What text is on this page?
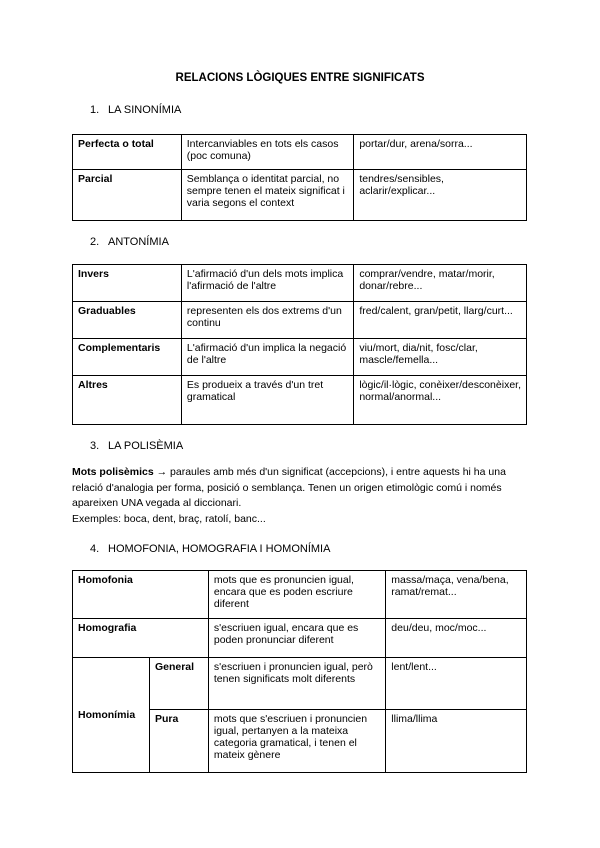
RELACIONS LÒGIQUES ENTRE SIGNIFICATS
1. LA SINONÍMIA
Perfecta o total	Intercanviables en tots els casos (poc comuna)	portar/dur, arena/sorra...
Parcial	Semblança o identitat parcial, no sempre tenen el mateix significat i varia segons el context	tendres/sensibles, aclarir/explicar...
2. ANTONÍMIA
Invers	L'afirmació d'un dels mots implica l'afirmació de l'altre	comprar/vendre, matar/morir, donar/rebre...
Graduables	representen els dos extrems d'un continu	fred/calent, gran/petit, llarg/curt...
Complementaris	L'afirmació d'un implica la negació de l'altre	viu/mort, dia/nit, fosc/clar, mascle/femella...
Altres	Es produeix a través d'un tret gramatical	lògic/il·lògic, conèixer/desconèixer, normal/anormal...
3. LA POLISÈMIA
Mots polisèmics → paraules amb més d'un significat (accepcions), i entre aquests hi ha una relació d'analogia per forma, posició o semblança. Tenen un origen etimològic comú i només apareixen UNA vegada al diccionari.
Exemples: boca, dent, braç, ratolí, banc...
4. HOMOFONIA, HOMOGRAFIA I HOMONÍMIA
Homofonia		mots que es pronuncien igual, encara que es poden escriure diferent	massa/maça, vena/bena, ramat/remat...
Homografia		s'escriuen igual, encara que es poden pronunciar diferent	deu/deu, moc/moc...
Homonímia	General	s'escriuen i pronuncien igual, però tenen significats molt diferents	lent/lent...
	Pura	mots que s'escriuen i pronuncien igual, pertanyen a la mateixa categoria gramatical, i tenen el mateix gènere	llima/llima
